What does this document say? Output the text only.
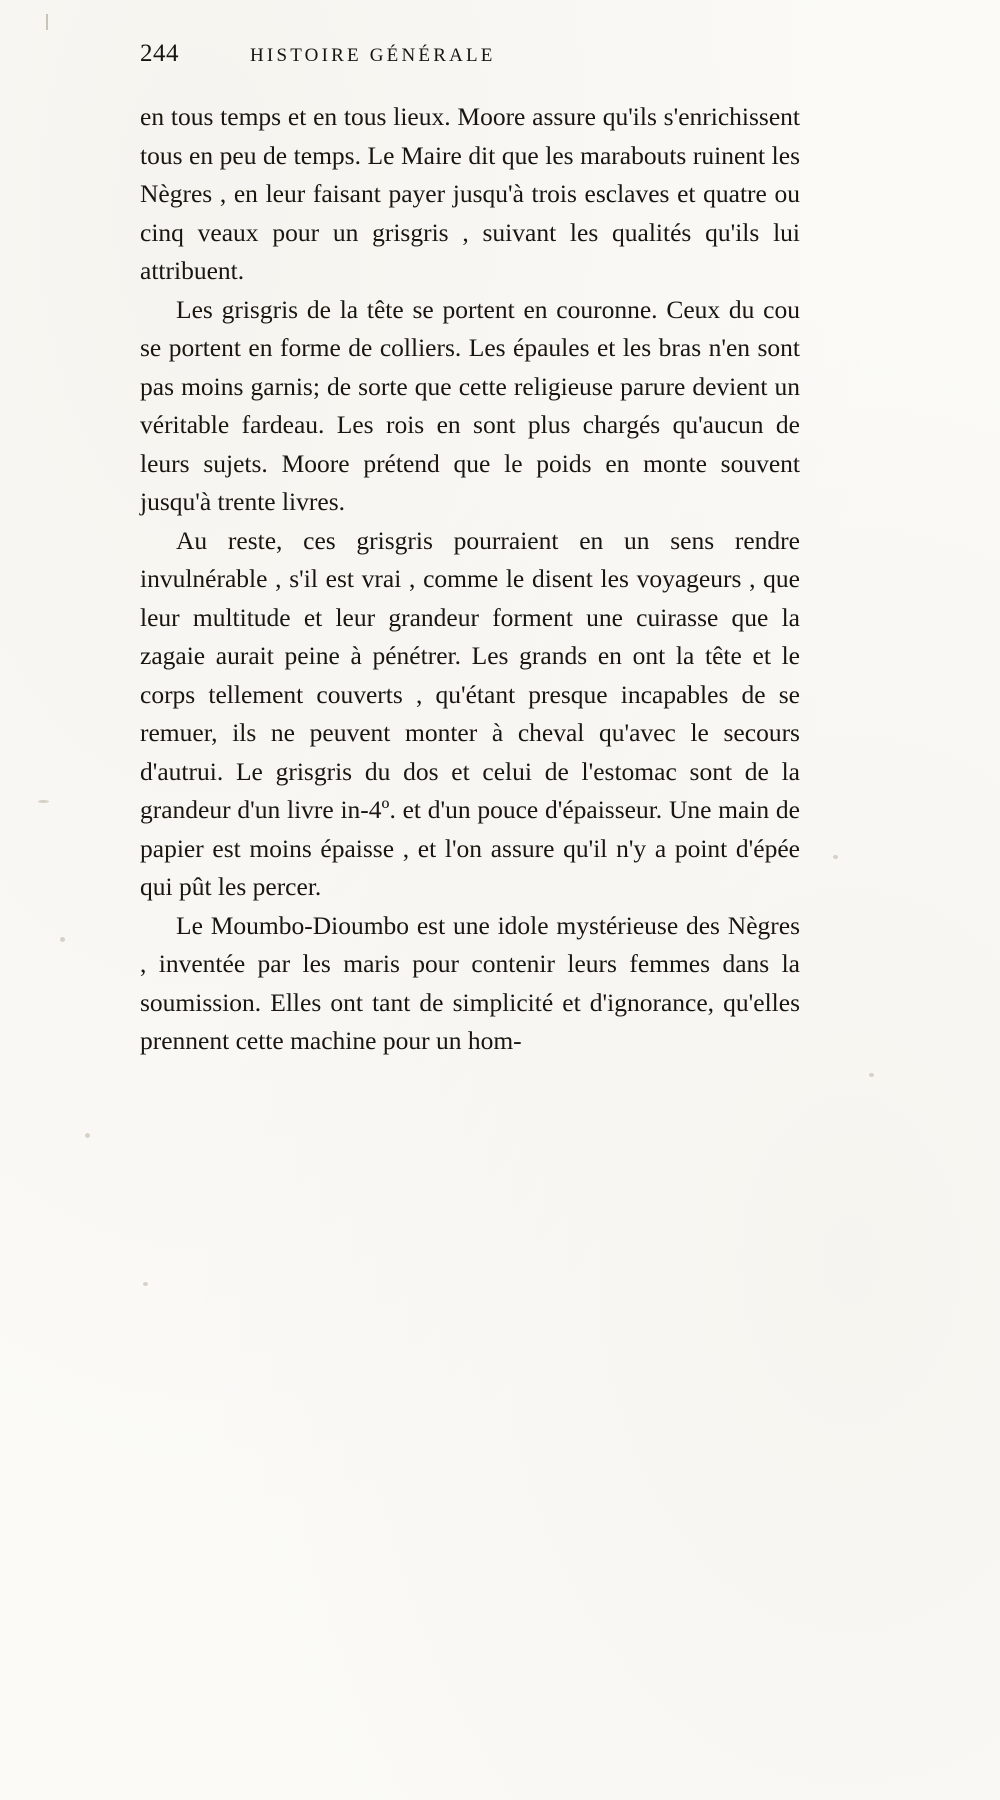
244	HISTOIRE GÉNÉRALE

en tous temps et en tous lieux. Moore assure qu'ils s'enrichissent tous en peu de temps. Le Maire dit que les marabouts ruinent les Nègres , en leur faisant payer jusqu'à trois esclaves et quatre ou cinq veaux pour un grisgris , suivant les qualités qu'ils lui attribuent.

Les grisgris de la tête se portent en couronne. Ceux du cou se portent en forme de colliers. Les épaules et les bras n'en sont pas moins garnis; de sorte que cette religieuse parure devient un véritable fardeau. Les rois en sont plus chargés qu'aucun de leurs sujets. Moore prétend que le poids en monte souvent jusqu'à trente livres.

Au reste, ces grisgris pourraient en un sens rendre invulnérable , s'il est vrai , comme le disent les voyageurs , que leur multitude et leur grandeur forment une cuirasse que la zagaie aurait peine à pénétrer. Les grands en ont la tête et le corps tellement couverts , qu'étant presque incapables de se remuer, ils ne peuvent monter à cheval qu'avec le secours d'autrui. Le grisgris du dos et celui de l'estomac sont de la grandeur d'un livre in-4º. et d'un pouce d'épaisseur. Une main de papier est moins épaisse , et l'on assure qu'il n'y a point d'épée qui pût les percer.

Le Moumbo-Dioumbo est une idole mystérieuse des Nègres , inventée par les maris pour contenir leurs femmes dans la soumission. Elles ont tant de simplicité et d'ignorance, qu'elles prennent cette machine pour un hom-
